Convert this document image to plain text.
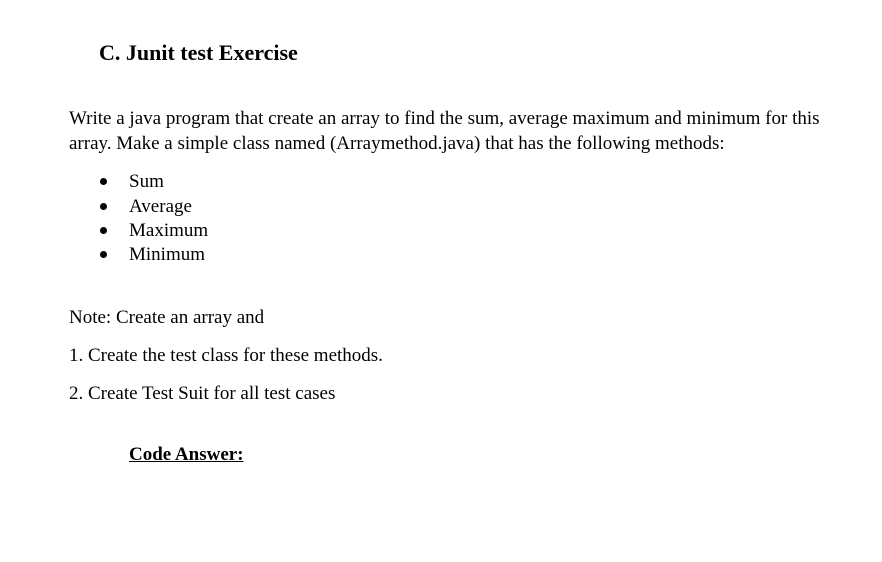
C. Junit test Exercise

Write a java program that create an array to find the sum, average maximum and minimum for this array. Make a simple class named (Arraymethod.java) that has the following methods:

Sum
Average
Maximum
Minimum

Note: Create an array and

1. Create the test class for these methods.

2. Create Test Suit for all test cases

Code Answer:
